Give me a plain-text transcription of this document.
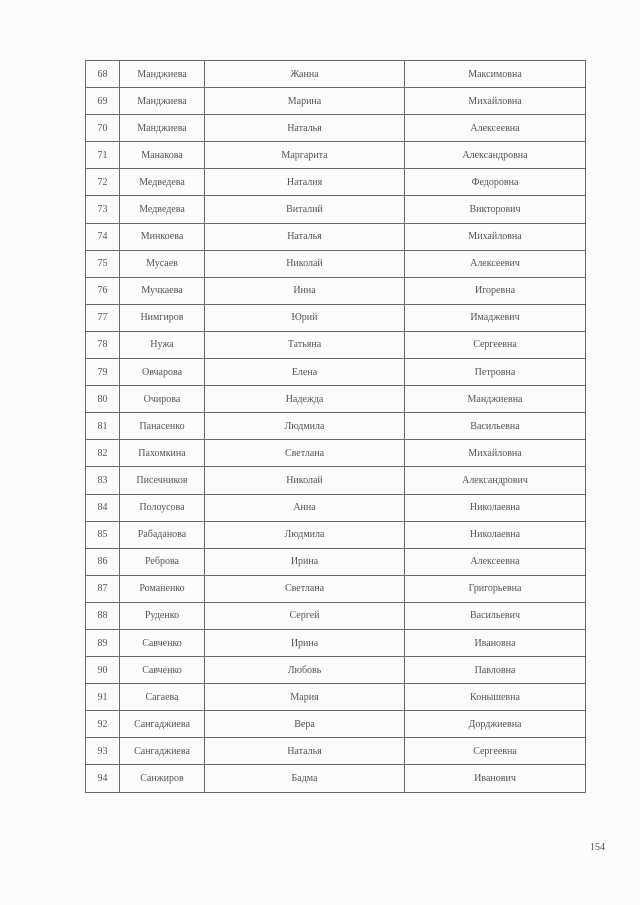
68	Манджиева	Жанна	Максимовна
69	Манджиева	Марина	Михайловна
70	Манджиева	Наталья	Алексеевна
71	Манакова	Маргарита	Александровна
72	Медведева	Наталия	Федоровна
73	Медведева	Виталий	Викторович
74	Минкоева	Наталья	Михайловна
75	Мусаев	Николай	Алексеевич
76	Мучкаева	Инна	Игоревна
77	Нимгиров	Юрий	Имаджевич
78	Нужа	Татьяна	Сергеевна
79	Овчарова	Елена	Петровна
80	Очирова	Надежда	Манджиевна
81	Панасенко	Людмила	Васильевна
82	Пахомкина	Светлана	Михайловна
83	Писечников	Николай	Александрович
84	Полоусова	Анна	Николаевна
85	Рабаданова	Людмила	Николаевна
86	Реброва	Ирина	Алексеевна
87	Романенко	Светлана	Григорьевна
88	Руденко	Сергей	Васильевич
89	Савченко	Ирина	Ивановна
90	Савченко	Любовь	Павловна
91	Сагаева	Мария	Конышевна
92	Сангаджиева	Вера	Дорджиевна
93	Сангаджиева	Наталья	Сергеевна
94	Санжиров	Бадма	Иванович
154
